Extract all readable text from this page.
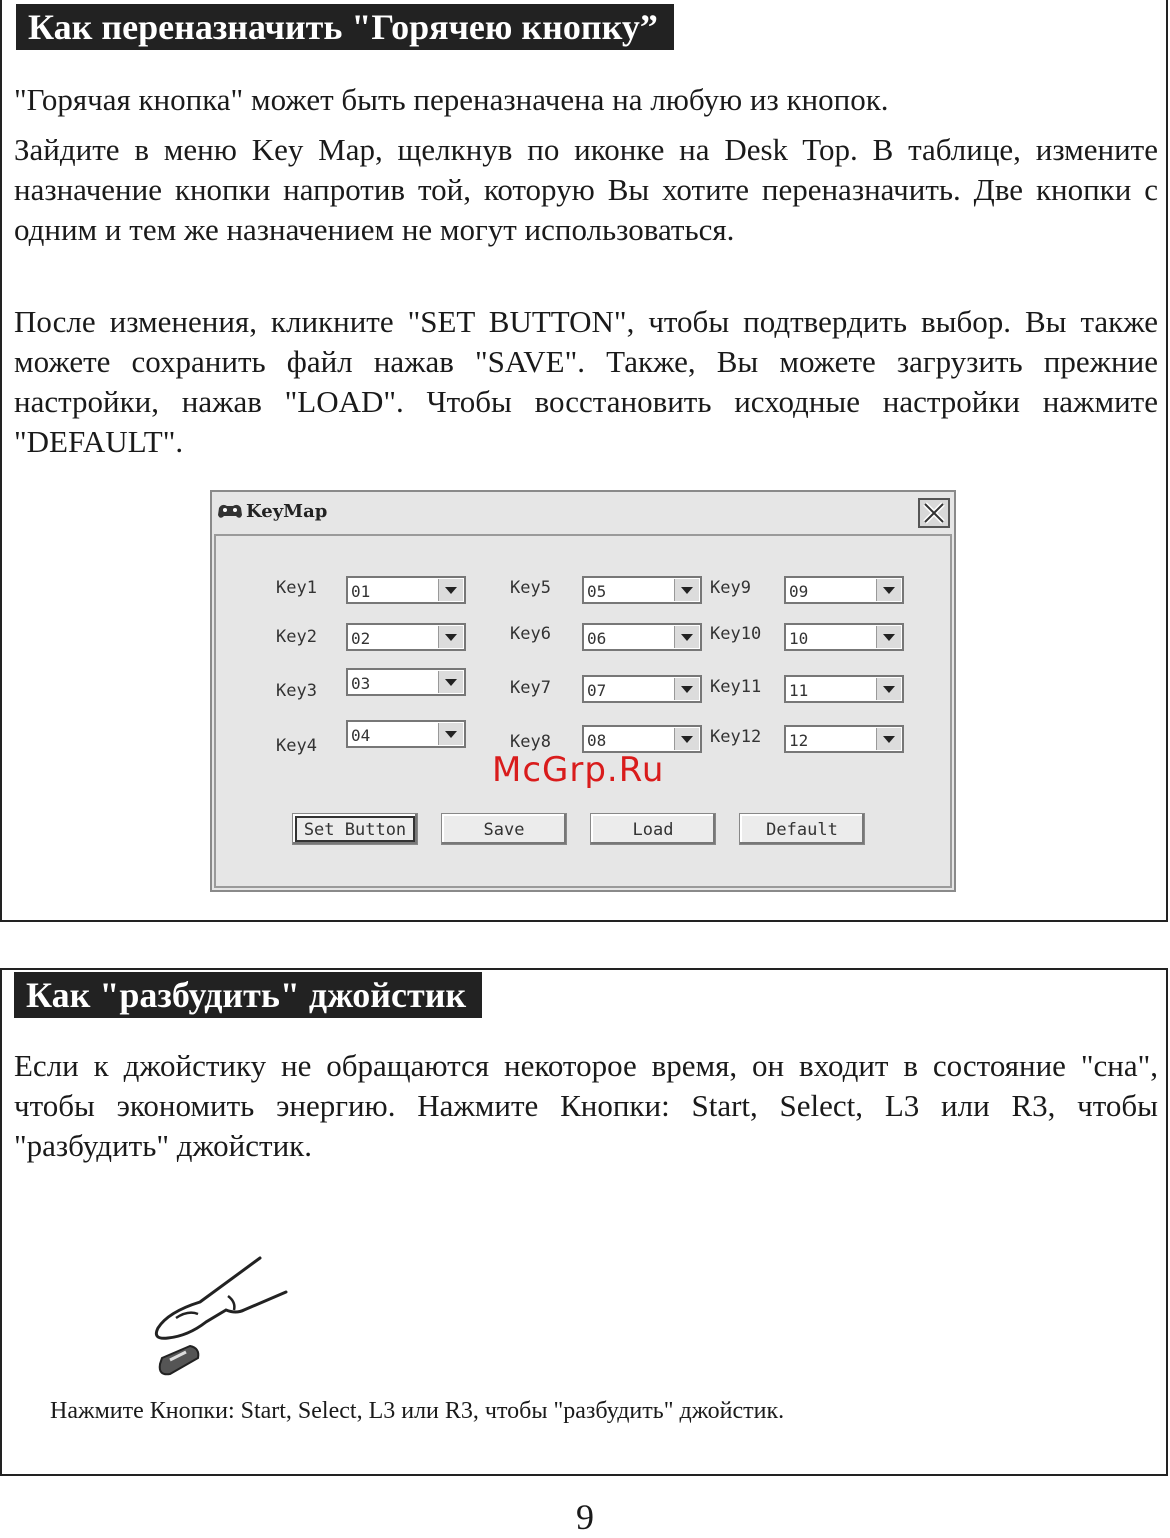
Как переназначить "Горячею кнопку”

"Горячая кнопка" может быть переназначена на любую из кнопок.

Зайдите в меню Key Map, щелкнув по иконке на Desk Top. В таблице, измените назначение кнопки напротив той, которую Вы хотите переназначить. Две кнопки с одним и тем же назначением не могут использоваться.

После изменения, кликните "SET BUTTON", чтобы подтвердить выбор. Вы также можете сохранить файл нажав "SAVE". Также, Вы можете загрузить прежние настройки, нажав "LOAD". Чтобы восстановить исходные настройки нажмите "DEFAULT".

KeyMap
Key1 01
Key2 02
Key3 03
Key4
04
Key5 05
Key6 06
Key7 07
Key8 08
Key9 09
Key10 10
Key11 11
Key12 12
Set Button	Save	Load	Default
McGrp.Ru
Как "разбудить" джойстик

Если к джойстику не обращаются некоторое время, он входит в состояние "сна", чтобы экономить энергию. Нажмите Кнопки: Start, Select, L3 или R3, чтобы "разбудить" джойстик.

Нажмите Кнопки: Start, Select, L3 или R3, чтобы "разбудить" джойстик.
9
